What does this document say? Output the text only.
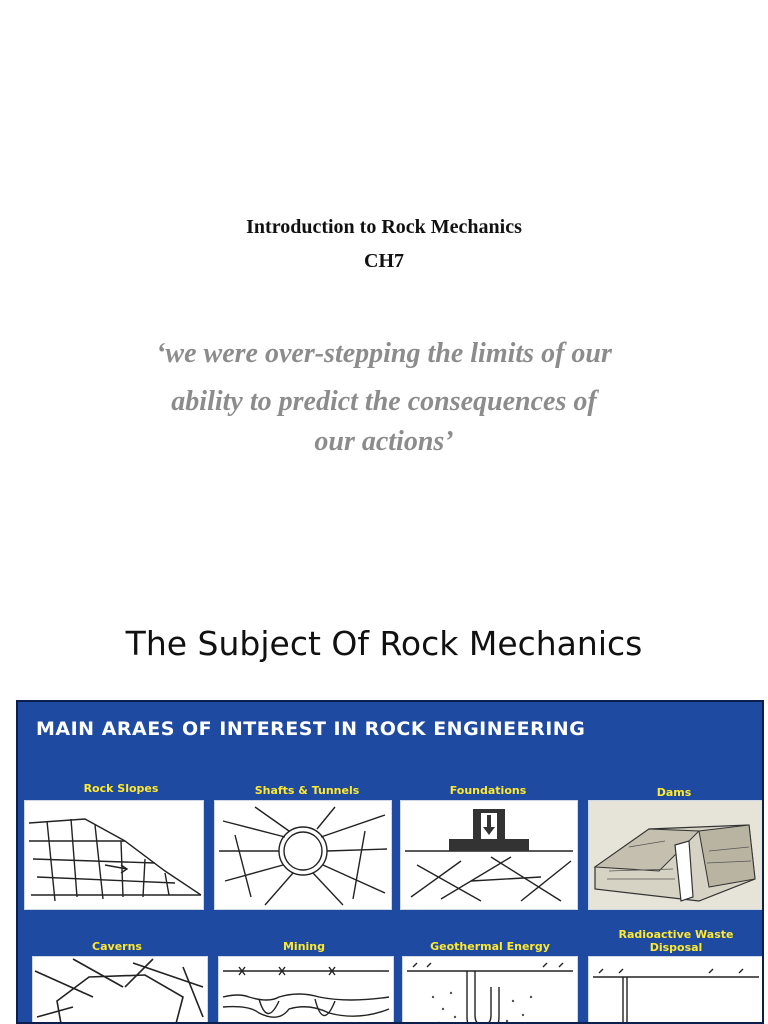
Introduction to Rock Mechanics
CH7
‘we were over-stepping the limits of our
ability to predict the consequences of
our actions’
The Subject Of Rock Mechanics
MAIN ARAES OF INTEREST IN ROCK ENGINEERING
Rock Slopes	Shafts & Tunnels	Foundations	Dams
Caverns	Mining	Geothermal Energy
Radioactive Waste
Disposal
